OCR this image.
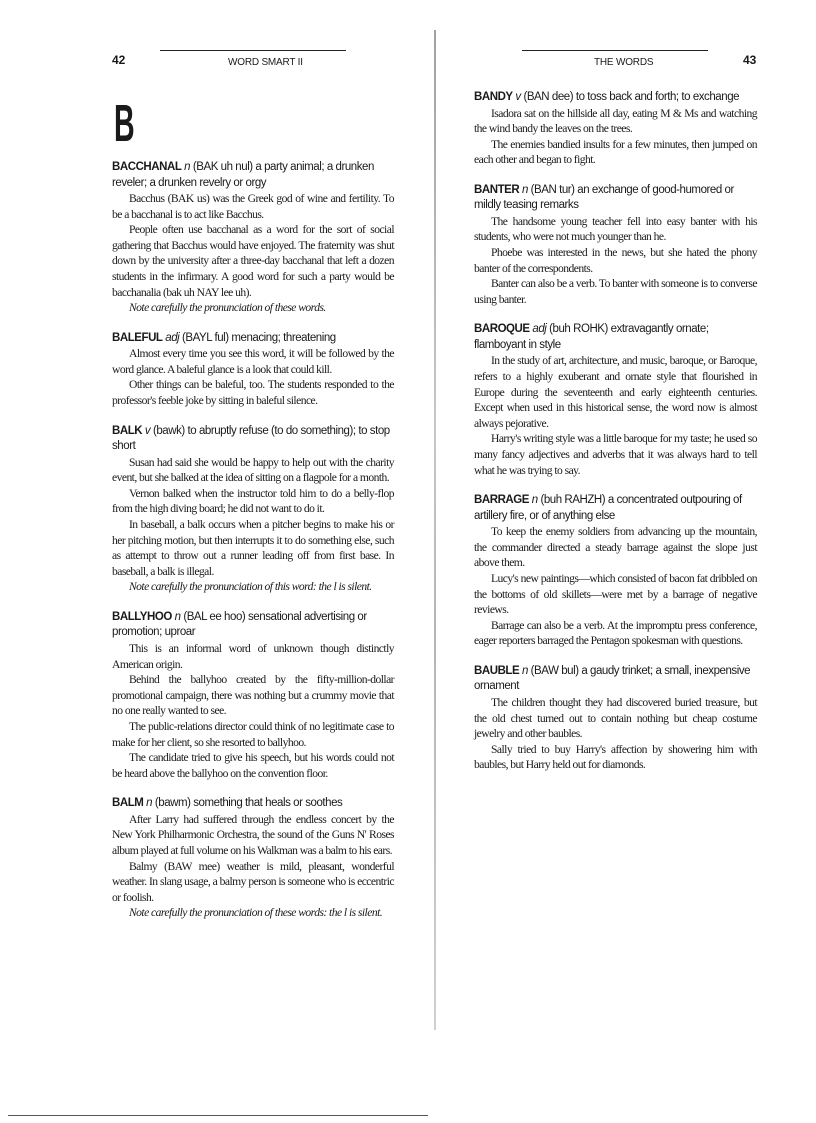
42	WORD SMART II
B

BACCHANAL n (BAK uh nul) a party animal; a drunken reveler; a drunken revelry or orgy

Bacchus (BAK us) was the Greek god of wine and fertility. To be a bacchanal is to act like Bacchus.

People often use bacchanal as a word for the sort of social gathering that Bacchus would have enjoyed. The fraternity was shut down by the university after a three-day bacchanal that left a dozen students in the infirmary. A good word for such a party would be bacchanalia (bak uh NAY lee uh).

Note carefully the pronunciation of these words.

BALEFUL adj (BAYL ful) menacing; threatening

Almost every time you see this word, it will be followed by the word glance. A baleful glance is a look that could kill.

Other things can be baleful, too. The students responded to the professor's feeble joke by sitting in baleful silence.

BALK v (bawk) to abruptly refuse (to do something); to stop short

Susan had said she would be happy to help out with the charity event, but she balked at the idea of sitting on a flagpole for a month.

Vernon balked when the instructor told him to do a belly-flop from the high diving board; he did not want to do it.

In baseball, a balk occurs when a pitcher begins to make his or her pitching motion, but then interrupts it to do something else, such as attempt to throw out a runner leading off from first base. In baseball, a balk is illegal.

Note carefully the pronunciation of this word: the l is silent.

BALLYHOO n (BAL ee hoo) sensational advertising or promotion; uproar

This is an informal word of unknown though distinctly American origin.

Behind the ballyhoo created by the fifty-million-dollar promotional campaign, there was nothing but a crummy movie that no one really wanted to see.

The public-relations director could think of no legitimate case to make for her client, so she resorted to ballyhoo.

The candidate tried to give his speech, but his words could not be heard above the ballyhoo on the convention floor.

BALM n (bawm) something that heals or soothes

After Larry had suffered through the endless concert by the New York Philharmonic Orchestra, the sound of the Guns N' Roses album played at full volume on his Walkman was a balm to his ears.

Balmy (BAW mee) weather is mild, pleasant, wonderful weather. In slang usage, a balmy person is someone who is eccentric or foolish.

Note carefully the pronunciation of these words: the l is silent.

THE WORDS	43

BANDY v (BAN dee) to toss back and forth; to exchange

Isadora sat on the hillside all day, eating M & Ms and watching the wind bandy the leaves on the trees.

The enemies bandied insults for a few minutes, then jumped on each other and began to fight.

BANTER n (BAN tur) an exchange of good-humored or mildly teasing remarks

The handsome young teacher fell into easy banter with his students, who were not much younger than he.

Phoebe was interested in the news, but she hated the phony banter of the correspondents.

Banter can also be a verb. To banter with someone is to converse using banter.

BAROQUE adj (buh ROHK) extravagantly ornate; flamboyant in style

In the study of art, architecture, and music, baroque, or Baroque, refers to a highly exuberant and ornate style that flourished in Europe during the seventeenth and early eighteenth centuries. Except when used in this historical sense, the word now is almost always pejorative.

Harry's writing style was a little baroque for my taste; he used so many fancy adjectives and adverbs that it was always hard to tell what he was trying to say.

BARRAGE n (buh RAHZH) a concentrated outpouring of artillery fire, or of anything else

To keep the enemy soldiers from advancing up the mountain, the commander directed a steady barrage against the slope just above them.

Lucy's new paintings—which consisted of bacon fat dribbled on the bottoms of old skillets—were met by a barrage of negative reviews.

Barrage can also be a verb. At the impromptu press conference, eager reporters barraged the Pentagon spokesman with questions.

BAUBLE n (BAW bul) a gaudy trinket; a small, inexpensive ornament

The children thought they had discovered buried treasure, but the old chest turned out to contain nothing but cheap costume jewelry and other baubles.

Sally tried to buy Harry's affection by showering him with baubles, but Harry held out for diamonds.
